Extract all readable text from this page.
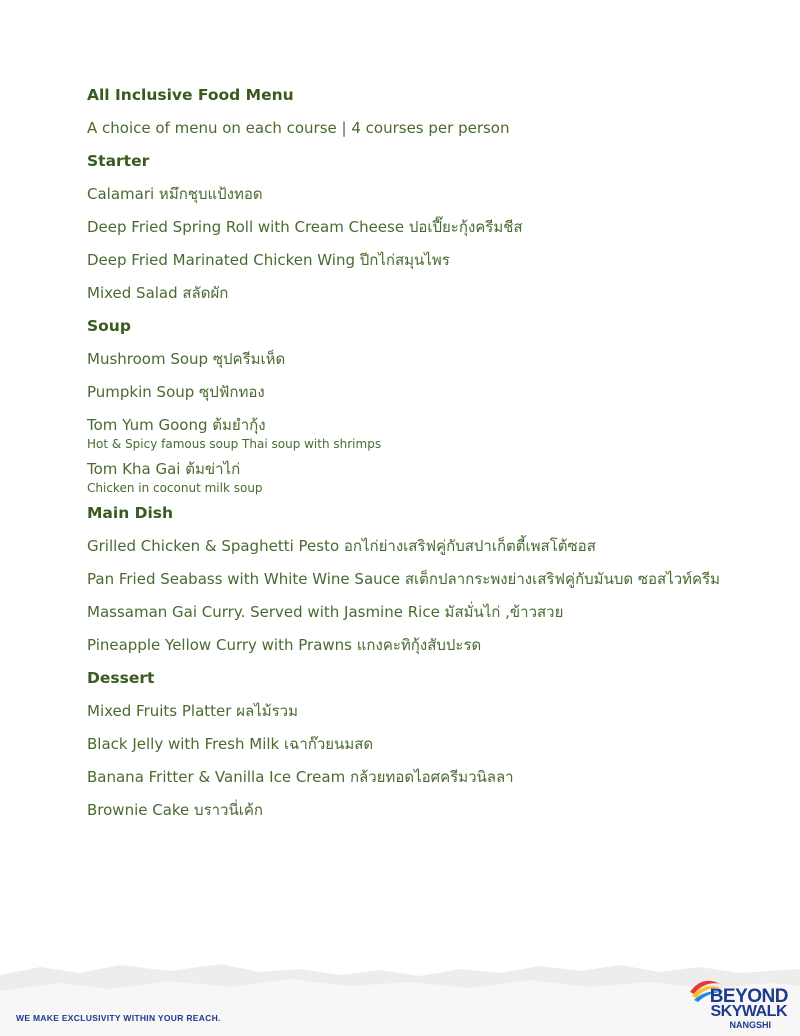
All Inclusive Food Menu

A choice of menu on each course | 4 courses per person

Starter

Calamari หมึกชุบแป้งทอด
Deep Fried Spring Roll with Cream Cheese ปอเปี๊ยะกุ้งครีมชีส
Deep Fried Marinated Chicken Wing ปีกไก่สมุนไพร
Mixed Salad สลัดผัก

Soup

Mushroom Soup ซุปครีมเห็ด
Pumpkin Soup ซุปฟักทอง
Tom Yum Goong ต้มยำกุ้ง
Hot & Spicy famous soup Thai soup with shrimps
Tom Kha Gai ต้มข่าไก่
Chicken in coconut milk soup

Main Dish

Grilled Chicken & Spaghetti Pesto อกไก่ย่างเสริฟคู่กับสปาเก็ตตี้เพสโต้ซอส
Pan Fried Seabass with White Wine Sauce สเต็กปลากระพงย่างเสริฟคู่กับมันบด ซอสไวท์ครีม
Massaman Gai Curry. Served with Jasmine Rice มัสมั่นไก่ ,ข้าวสวย
Pineapple Yellow Curry with Prawns แกงคะทิกุ้งสับปะรด

Dessert

Mixed Fruits Platter ผลไม้รวม
Black Jelly with Fresh Milk เฉาก๊วยนมสด
Banana Fritter & Vanilla Ice Cream กล้วยทอดไอศครีมวนิลลา
Brownie Cake บราวนี่เค้ก
WE MAKE EXCLUSIVITY WITHIN YOUR REACH.
BEYOND
SKYWALK
NANGSHI
